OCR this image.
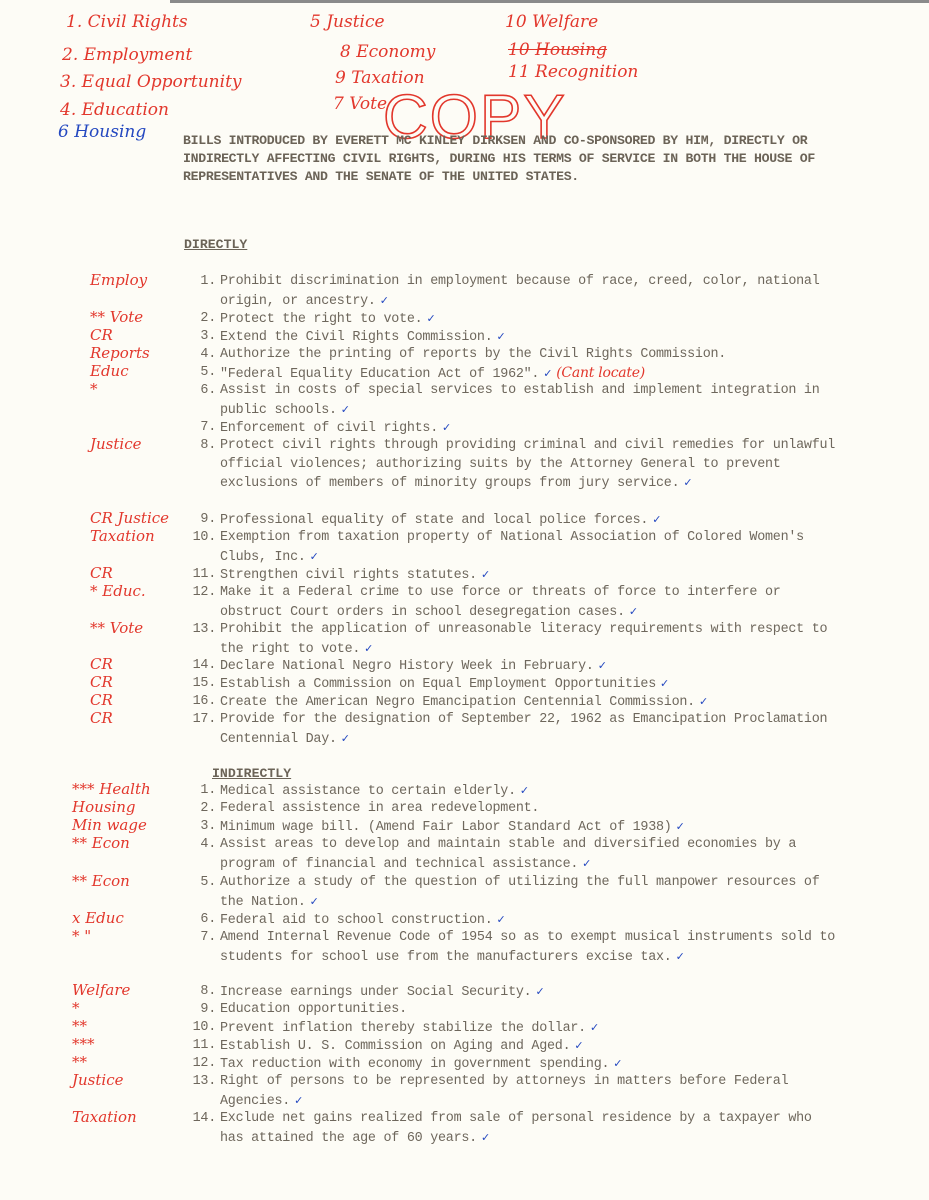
1. Civil Rights
2. Employment
3. Equal Opportunity
4. Education
6 Housing
5 Justice
8 Economy
9 Taxation
7 Vote
10 Welfare
10 Housing
11 Recognition
COPY
BILLS INTRODUCED BY EVERETT MC KINLEY DIRKSEN AND CO-SPONSORED BY HIM, DIRECTLY OR INDIRECTLY AFFECTING CIVIL RIGHTS, DURING HIS TERMS OF SERVICE IN BOTH THE HOUSE OF REPRESENTATIVES AND THE SENATE OF THE UNITED STATES.
DIRECTLY
1. Prohibit discrimination in employment because of race, creed, color, national origin, or ancestry. ✓
Employ
2. Protect the right to vote. ✓
** Vote
3. Extend the Civil Rights Commission. ✓
CR
4. Authorize the printing of reports by the Civil Rights Commission.
Reports
5. "Federal Equality Education Act of 1962". ✓ (Cant locate)
Educ
6. Assist in costs of special services to establish and implement integration in public schools. ✓
*
7. Enforcement of civil rights. ✓
8. Protect civil rights through providing criminal and civil remedies for unlawful official violences; authorizing suits by the Attorney General to prevent exclusions of members of minority groups from jury service. ✓
Justice
9. Professional equality of state and local police forces. ✓
CR Justice
10. Exemption from taxation property of National Association of Colored Women's Clubs, Inc. ✓
Taxation
11. Strengthen civil rights statutes. ✓
CR
12. Make it a Federal crime to use force or threats of force to interfere or obstruct Court orders in school desegregation cases. ✓
* Educ.
13. Prohibit the application of unreasonable literacy requirements with respect to the right to vote. ✓
** Vote
14. Declare National Negro History Week in February. ✓
CR
15. Establish a Commission on Equal Employment Opportunities ✓
CR
16. Create the American Negro Emancipation Centennial Commission. ✓
CR
17. Provide for the designation of September 22, 1962 as Emancipation Proclamation Centennial Day. ✓
CR
INDIRECTLY
1. Medical assistance to certain elderly. ✓
*** Health
2. Federal assistence in area redevelopment.
Housing
3. Minimum wage bill. (Amend Fair Labor Standard Act of 1938) ✓
Min wage
4. Assist areas to develop and maintain stable and diversified economies by a program of financial and technical assistance. ✓
** Econ
5. Authorize a study of the question of utilizing the full manpower resources of the Nation. ✓
** Econ
6. Federal aid to school construction. ✓
x Educ
7. Amend Internal Revenue Code of 1954 so as to exempt musical instruments sold to students for school use from the manufacturers excise tax. ✓
* "
8. Increase earnings under Social Security. ✓
Welfare
9. Education opportunities.
*
10. Prevent inflation thereby stabilize the dollar. ✓
**
11. Establish U. S. Commission on Aging and Aged. ✓
***
12. Tax reduction with economy in government spending. ✓
**
13. Right of persons to be represented by attorneys in matters before Federal Agencies. ✓
Justice
14. Exclude net gains realized from sale of personal residence by a taxpayer who has attained the age of 60 years. ✓
Taxation
